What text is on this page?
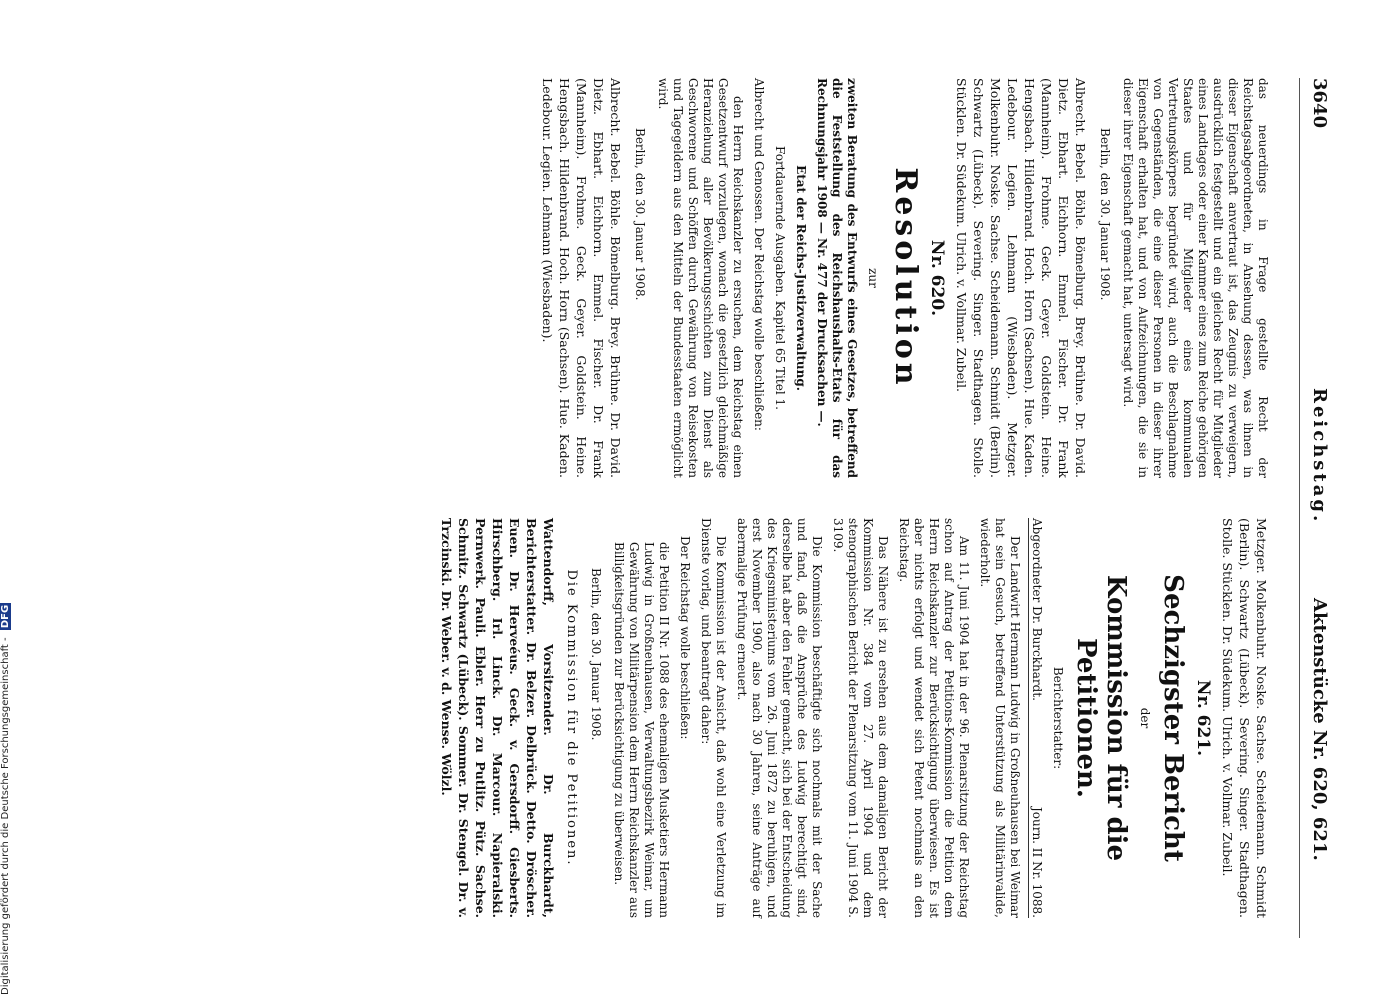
3640
Reichstag.
Aktenstücke Nr. 620, 621.

das neuerdings in Frage gestellte Recht der Reichstagsabgeordneten, in Ansehung dessen, was ihnen in dieser Eigenschaft anvertraut ist, das Zeugnis zu verweigern, ausdrücklich festgestellt und ein gleiches Recht für Mitglieder eines Landtages oder einer Kammer eines zum Reiche gehörigen Staates und für Mitglieder eines kommunalen Vertretungskörpers begründet wird, auch die Beschlagnahme von Gegenständen, die eine dieser Personen in dieser ihrer Eigenschaft erhalten hat, und von Aufzeichnungen, die sie in dieser ihrer Eigenschaft gemacht hat, untersagt wird.

Berlin, den 30. Januar 1908.

Albrecht. Bebel. Böhle. Bömelburg. Brey. Brühne. Dr. David. Dietz. Ebhart. Eichhorn. Emmel. Fischer. Dr. Frank (Mannheim). Frohme. Geck. Geyer. Goldstein. Heine. Hengsbach. Hildenbrand. Hoch. Horn (Sachsen). Hue. Kaden. Ledebour. Legien. Lehmann (Wiesbaden). Metzger. Molkenbuhr. Noske. Sachse. Scheidemann. Schmidt (Berlin). Schwartz (Lübeck). Severing. Singer. Stadthagen. Stolle. Stücklen. Dr. Südekum. Ulrich. v. Vollmar. Zubeil.

Nr. 620.
Resolution

zur

zweiten Beratung des Entwurfs eines Gesetzes, betreffend die Feststellung des Reichshaushalts-Etats für das Rechnungsjahr 1908 — Nr. 477 der Drucksachen —.

Etat der Reichs-Justizverwaltung.

Fortdauernde Ausgaben. Kapitel 65 Titel 1.

Albrecht und Genossen. Der Reichstag wolle beschließen:

den Herrn Reichskanzler zu ersuchen, dem Reichstag einen Gesetzentwurf vorzulegen, wonach die gesetzlich gleichmäßige Heranziehung aller Bevölkerungsschichten zum Dienst als Geschworene und Schöffen durch Gewährung von Reisekosten und Tagegeldern aus den Mitteln der Bundesstaaten ermöglicht wird.

Berlin, den 30. Januar 1908.

Albrecht. Bebel. Böhle. Bömelburg. Brey. Brühne. Dr. David. Dietz. Ebhart. Eichhorn. Emmel. Fischer. Dr. Frank (Mannheim). Frohme. Geck. Geyer. Goldstein. Heine. Hengsbach. Hildenbrand. Hoch. Horn (Sachsen). Hue. Kaden. Ledebour. Legien. Lehmann (Wiesbaden).

Metzger. Molkenbuhr. Noske. Sachse. Scheidemann. Schmidt (Berlin). Schwartz (Lübeck). Severing. Singer. Stadthagen. Stolle. Stücklen. Dr. Südekum. Ulrich. v. Vollmar. Zubeil.

Nr. 621.
Sechzigster Bericht

der

Kommission für die Petitionen.

Berichterstatter:

Abgeordneter Dr. Burckhardt.
Journ. II Nr. 1088.

Der Landwirt Hermann Ludwig in Großneuhausen bei Weimar hat sein Gesuch, betreffend Unterstützung als Militärinvalide, wiederholt.

Am 11. Juni 1904 hat in der 96. Plenarsitzung der Reichstag schon auf Antrag der Petitions-Kommission die Petition dem Herrn Reichskanzler zur Berücksichtigung überwiesen. Es ist aber nichts erfolgt und wendet sich Petent nochmals an den Reichstag.

Das Nähere ist zu ersehen aus dem damaligen Bericht der Kommission Nr. 384 vom 27. April 1904 und dem stenographischen Bericht der Plenarsitzung vom 11. Juni 1904 S. 3109.

Die Kommission beschäftigte sich nochmals mit der Sache und fand, daß die Ansprüche des Ludwig berechtigt sind, derselbe hat aber den Fehler gemacht, sich bei der Entscheidung des Kriegsministeriums vom 26. Juni 1872 zu beruhigen, und erst November 1900, also nach 30 Jahren, seine Anträge auf abermalige Prüfung erneuert.

Die Kommission ist der Ansicht, daß wohl eine Verletzung im Dienste vorlag, und beantragt daher:

Der Reichstag wolle beschließen:

die Petition II Nr. 1088 des ehemaligen Musketiers Hermann Ludwig in Großneuhausen, Verwaltungsbezirk Weimar, um Gewährung von Militärpension dem Herrn Reichskanzler aus Billigkeitsgründen zur Berücksichtigung zu überweisen.

Berlin, den 30. Januar 1908.

Die Kommission für die Petitionen.

Wattendorff, Vorsitzender. Dr. Burckhardt, Berichterstatter. Dr. Belzer. Delbrück. Detto. Dröscher. Euen. Dr. Herveéus. Geck. v. Gersdorff. Giesberts. Hirschberg. Irl. Linck. Dr. Marcour. Napieralski. Pernwerk. Pauli. Ebler. Herr zu Putlitz. Pütz. Sachse. Schmitz. Schwartz (Lübeck). Sommer. Dr. Stengel. Dr. v. Trzcinski. Dr. Weber. v. d. Wense. Wölzl.

Digitalisierung gefördert durch die Deutsche Forschungsgemeinschaft - DFG
